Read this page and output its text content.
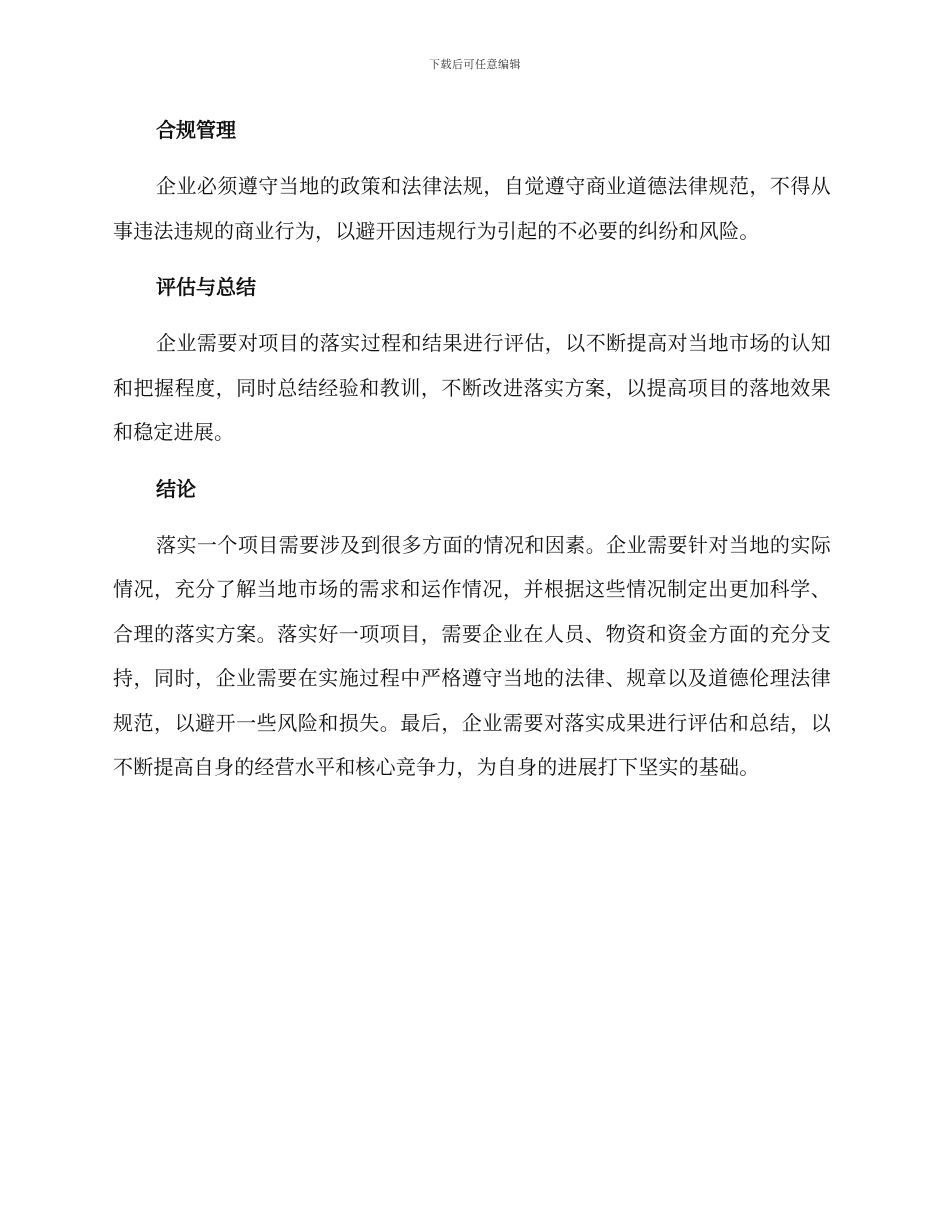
下载后可任意编辑
合规管理

企业必须遵守当地的政策和法律法规，自觉遵守商业道德法律规范，不得从事违法违规的商业行为，以避开因违规行为引起的不必要的纠纷和风险。

评估与总结

企业需要对项目的落实过程和结果进行评估，以不断提高对当地市场的认知和把握程度，同时总结经验和教训，不断改进落实方案，以提高项目的落地效果和稳定进展。

结论

落实一个项目需要涉及到很多方面的情况和因素。企业需要针对当地的实际情况，充分了解当地市场的需求和运作情况，并根据这些情况制定出更加科学、合理的落实方案。落实好一项项目，需要企业在人员、物资和资金方面的充分支持，同时，企业需要在实施过程中严格遵守当地的法律、规章以及道德伦理法律规范，以避开一些风险和损失。最后，企业需要对落实成果进行评估和总结，以不断提高自身的经营水平和核心竞争力，为自身的进展打下坚实的基础。
